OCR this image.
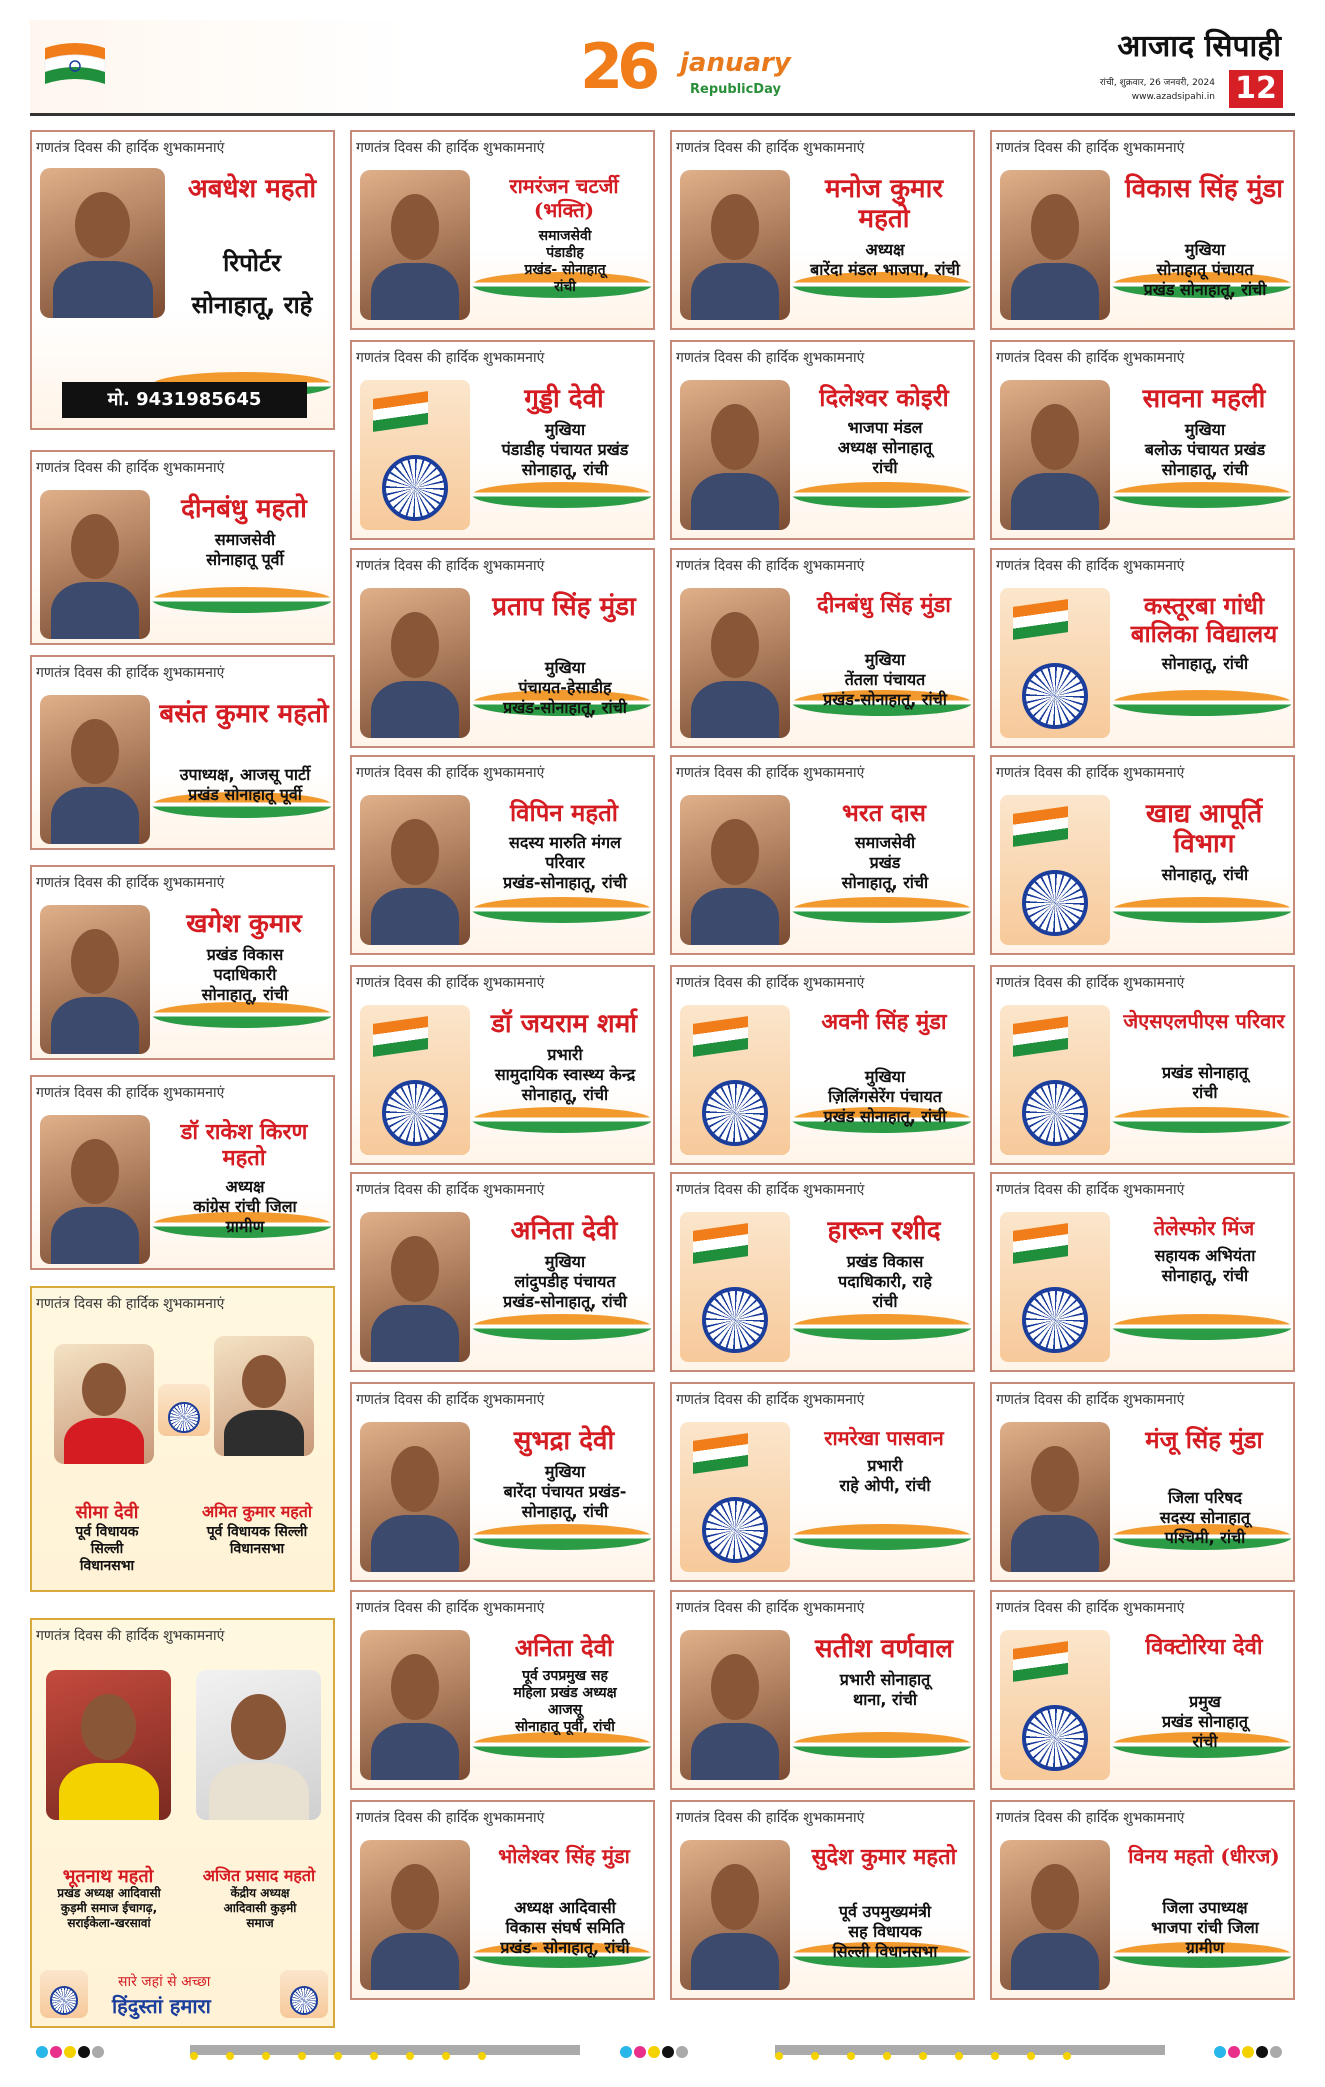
26 january
RepublicDay
आजाद सिपाही
रांची, शुक्रवार, 26 जनवरी, 2024
www.azadsipahi.in 12
गणतंत्र दिवस की हार्दिक शुभकामनाएं
अबधेश महतो
रिपोर्टर
सोनाहातू, राहे
मो. 9431985645
गणतंत्र दिवस की हार्दिक शुभकामनाएं
दीनबंधु महतो
समाजसेवी
सोनाहातू पूर्वी
गणतंत्र दिवस की हार्दिक शुभकामनाएं
बसंत कुमार महतो
उपाध्यक्ष, आजसू पार्टी
प्रखंड सोनाहातू पूर्वी
गणतंत्र दिवस की हार्दिक शुभकामनाएं
खगेश कुमार
प्रखंड विकास
पदाधिकारी
सोनाहातू, रांची
गणतंत्र दिवस की हार्दिक शुभकामनाएं
डॉ राकेश किरण महतो
अध्यक्ष
कांग्रेस रांची जिला
ग्रामीण
गणतंत्र दिवस की हार्दिक शुभकामनाएं
रामरंजन चटर्जी (भक्ति)
समाजसेवी
पंडाडीह
प्रखंड- सोनाहातू
रांची
गणतंत्र दिवस की हार्दिक शुभकामनाएं
गुड्डी देवी
मुखिया
पंडाडीह पंचायत प्रखंड
सोनाहातू, रांची
गणतंत्र दिवस की हार्दिक शुभकामनाएं
प्रताप सिंह मुंडा
मुखिया
पंचायत-हेसाडीह
प्रखंड-सोनाहातू, रांची
गणतंत्र दिवस की हार्दिक शुभकामनाएं
विपिन महतो
सदस्य मारुति मंगल
परिवार
प्रखंड-सोनाहातू, रांची
गणतंत्र दिवस की हार्दिक शुभकामनाएं
डॉ जयराम शर्मा
प्रभारी
सामुदायिक स्वास्थ्य केन्द्र
सोनाहातू, रांची
गणतंत्र दिवस की हार्दिक शुभकामनाएं
अनिता देवी
मुखिया
लांदुपडीह पंचायत
प्रखंड-सोनाहातू, रांची
गणतंत्र दिवस की हार्दिक शुभकामनाएं
सुभद्रा देवी
मुखिया
बारेंदा पंचायत प्रखंड-
सोनाहातू, रांची
गणतंत्र दिवस की हार्दिक शुभकामनाएं
अनिता देवी
पूर्व उपप्रमुख सह
महिला प्रखंड अध्यक्ष
आजसू
सोनाहातू पूर्वी, रांची
गणतंत्र दिवस की हार्दिक शुभकामनाएं
भोलेश्वर सिंह मुंडा
अध्यक्ष आदिवासी
विकास संघर्ष समिति
प्रखंड- सोनाहातू, रांची
गणतंत्र दिवस की हार्दिक शुभकामनाएं
मनोज कुमार महतो
अध्यक्ष
बारेंदा मंडल भाजपा, रांची
गणतंत्र दिवस की हार्दिक शुभकामनाएं
दिलेश्वर कोइरी
भाजपा मंडल
अध्यक्ष सोनाहातू
रांची
गणतंत्र दिवस की हार्दिक शुभकामनाएं
दीनबंधु सिंह मुंडा
मुखिया
तेंतला पंचायत
प्रखंड-सोनाहातू, रांची
गणतंत्र दिवस की हार्दिक शुभकामनाएं
भरत दास
समाजसेवी
प्रखंड
सोनाहातू, रांची
गणतंत्र दिवस की हार्दिक शुभकामनाएं
अवनी सिंह मुंडा
मुखिया
ज़िलिंगसेरेंग पंचायत
प्रखंड सोनाहातू, रांची
गणतंत्र दिवस की हार्दिक शुभकामनाएं
हारून रशीद
प्रखंड विकास
पदाधिकारी, राहे
रांची
गणतंत्र दिवस की हार्दिक शुभकामनाएं
रामरेखा पासवान
प्रभारी
राहे ओपी, रांची
गणतंत्र दिवस की हार्दिक शुभकामनाएं
सतीश वर्णवाल
प्रभारी सोनाहातू
थाना, रांची
गणतंत्र दिवस की हार्दिक शुभकामनाएं
सुदेश कुमार महतो
पूर्व उपमुख्यमंत्री
सह विधायक
सिल्ली विधानसभा
गणतंत्र दिवस की हार्दिक शुभकामनाएं
विकास सिंह मुंडा
मुखिया
सोनाहातू पंचायत
प्रखंड सोनाहातू, रांची
गणतंत्र दिवस की हार्दिक शुभकामनाएं
सावना महली
मुखिया
बलोऊ पंचायत प्रखंड
सोनाहातू, रांची
गणतंत्र दिवस की हार्दिक शुभकामनाएं
कस्तूरबा गांधी बालिका विद्यालय
सोनाहातू, रांची
गणतंत्र दिवस की हार्दिक शुभकामनाएं
खाद्य आपूर्ति विभाग
सोनाहातू, रांची
गणतंत्र दिवस की हार्दिक शुभकामनाएं
जेएसएलपीएस परिवार
प्रखंड सोनाहातू
रांची
गणतंत्र दिवस की हार्दिक शुभकामनाएं
तेलेस्फोर मिंज
सहायक अभियंता
सोनाहातू, रांची
गणतंत्र दिवस की हार्दिक शुभकामनाएं
मंजू सिंह मुंडा
जिला परिषद
सदस्य सोनाहातू
पश्चिमी, रांची
गणतंत्र दिवस की हार्दिक शुभकामनाएं
विक्टोरिया देवी
प्रमुख
प्रखंड सोनाहातू
रांची
गणतंत्र दिवस की हार्दिक शुभकामनाएं
विनय महतो (धीरज)
जिला उपाध्यक्ष
भाजपा रांची जिला
ग्रामीण
गणतंत्र दिवस की हार्दिक शुभकामनाएं
सीमा देवी
पूर्व विधायक
सिल्ली
विधानसभा
अमित कुमार महतो
पूर्व विधायक सिल्ली
विधानसभा
गणतंत्र दिवस की हार्दिक शुभकामनाएं
भूतनाथ महतो
प्रखंड अध्यक्ष आदिवासी
कुड़मी समाज ईचागढ़,
सराईकेला-खरसावां
अजित प्रसाद महतो
केंद्रीय अध्यक्ष
आदिवासी कुड़मी
समाज
सारे जहां से अच्छा
हिंदुस्तां हमारा
